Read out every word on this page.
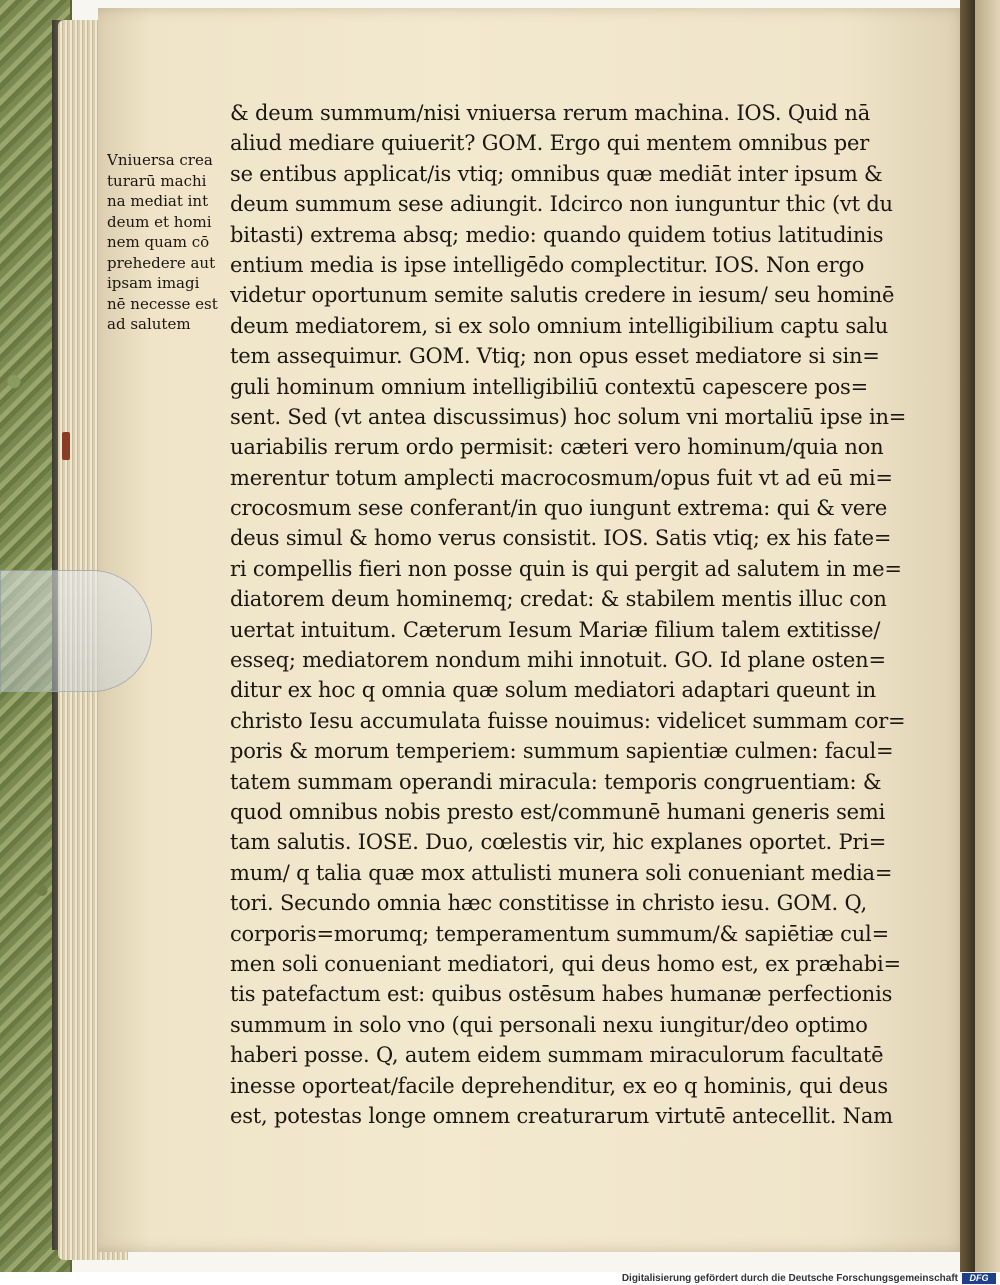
Vniuersa crea
turarū machi
na mediat int
deum et homi
nem quam cō
prehedere aut
ipsam imagi
nē necesse est
ad salutem
& deum summum/nisi vniuersa rerum machina. IOS. Quid nā
aliud mediare quiuerit? GOM. Ergo qui mentem omnibus per
se entibus applicat/is vtiq; omnibus quæ mediāt inter ipsum &
deum summum sese adiungit. Idcirco non iunguntur thic (vt du
bitasti) extrema absq; medio: quando quidem totius latitudinis
entium media is ipse intelligēdo complectitur. IOS. Non ergo
videtur oportunum semite salutis credere in iesum/ seu hominē
deum mediatorem, si ex solo omnium intelligibilium captu salu
tem assequimur. GOM. Vtiq; non opus esset mediatore si sin=
guli hominum omnium intelligibiliū contextū capescere pos=
sent. Sed (vt antea discussimus) hoc solum vni mortaliū ipse in=
uariabilis rerum ordo permisit: cæteri vero hominum/quia non
merentur totum amplecti macrocosmum/opus fuit vt ad eū mi=
crocosmum sese conferant/in quo iungunt extrema: qui & vere
deus simul & homo verus consistit. IOS. Satis vtiq; ex his fate=
ri compellis fieri non posse quin is qui pergit ad salutem in me=
diatorem deum hominemq; credat: & stabilem mentis illuc con
uertat intuitum. Cæterum Iesum Mariæ filium talem extitisse/
esseq; mediatorem nondum mihi innotuit. GO. Id plane osten=
ditur ex hoc q omnia quæ solum mediatori adaptari queunt in
christo Iesu accumulata fuisse nouimus: videlicet summam cor=
poris & morum temperiem: summum sapientiæ culmen: facul=
tatem summam operandi miracula: temporis congruentiam: &
quod omnibus nobis presto est/communē humani generis semi
tam salutis. IOSE. Duo, cœlestis vir, hic explanes oportet. Pri=
mum/ q talia quæ mox attulisti munera soli conueniant media=
tori. Secundo omnia hæc constitisse in christo iesu. GOM. Q,
corporis=morumq; temperamentum summum/& sapiētiæ cul=
men soli conueniant mediatori, qui deus homo est, ex præhabi=
tis patefactum est: quibus ostēsum habes humanæ perfectionis
summum in solo vno (qui personali nexu iungitur/deo optimo
haberi posse. Q, autem eidem summam miraculorum facultatē
inesse oporteat/facile deprehenditur, ex eo q hominis, qui deus
est, potestas longe omnem creaturarum virtutē antecellit. Nam
Digitalisierung gefördert durch die Deutsche Forschungsgemeinschaft	DFG
